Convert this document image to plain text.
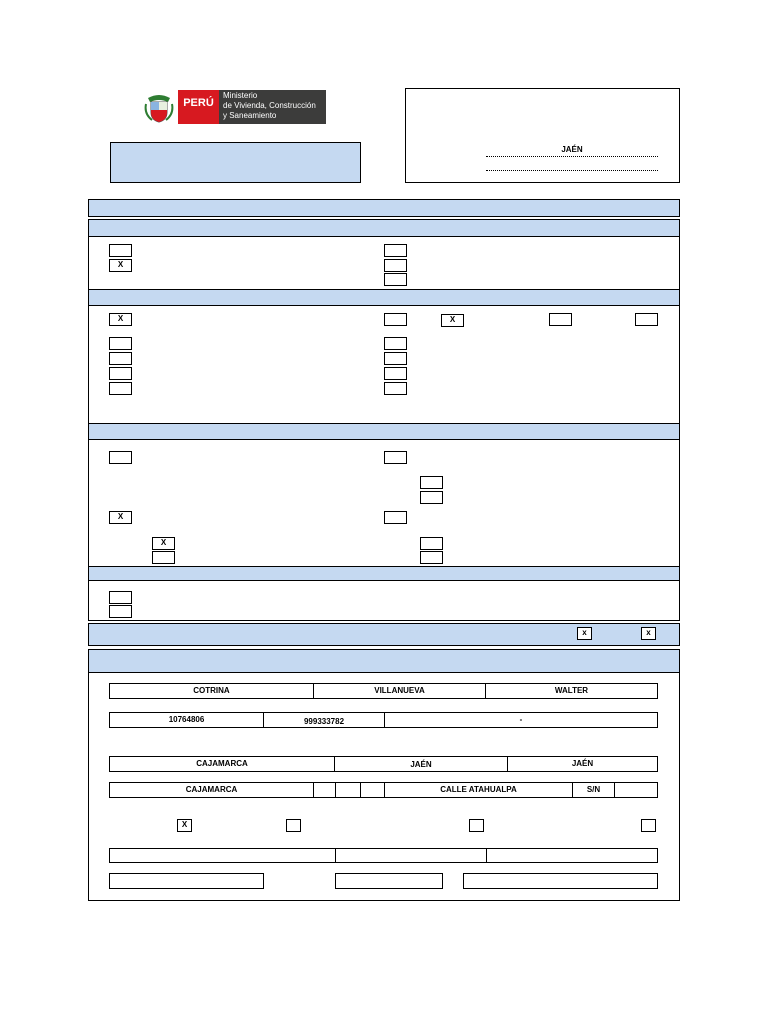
PERÚ
Ministerio
de Vivienda, Construcción
y Saneamiento
JAÉN
X
X	X
X
X
x	x
COTRINA	VILLANUEVA	WALTER
10764806	999333782	-
CAJAMARCA	JAÉN	JAÉN
CAJAMARCA	CALLE ATAHUALPA	S/N
X
